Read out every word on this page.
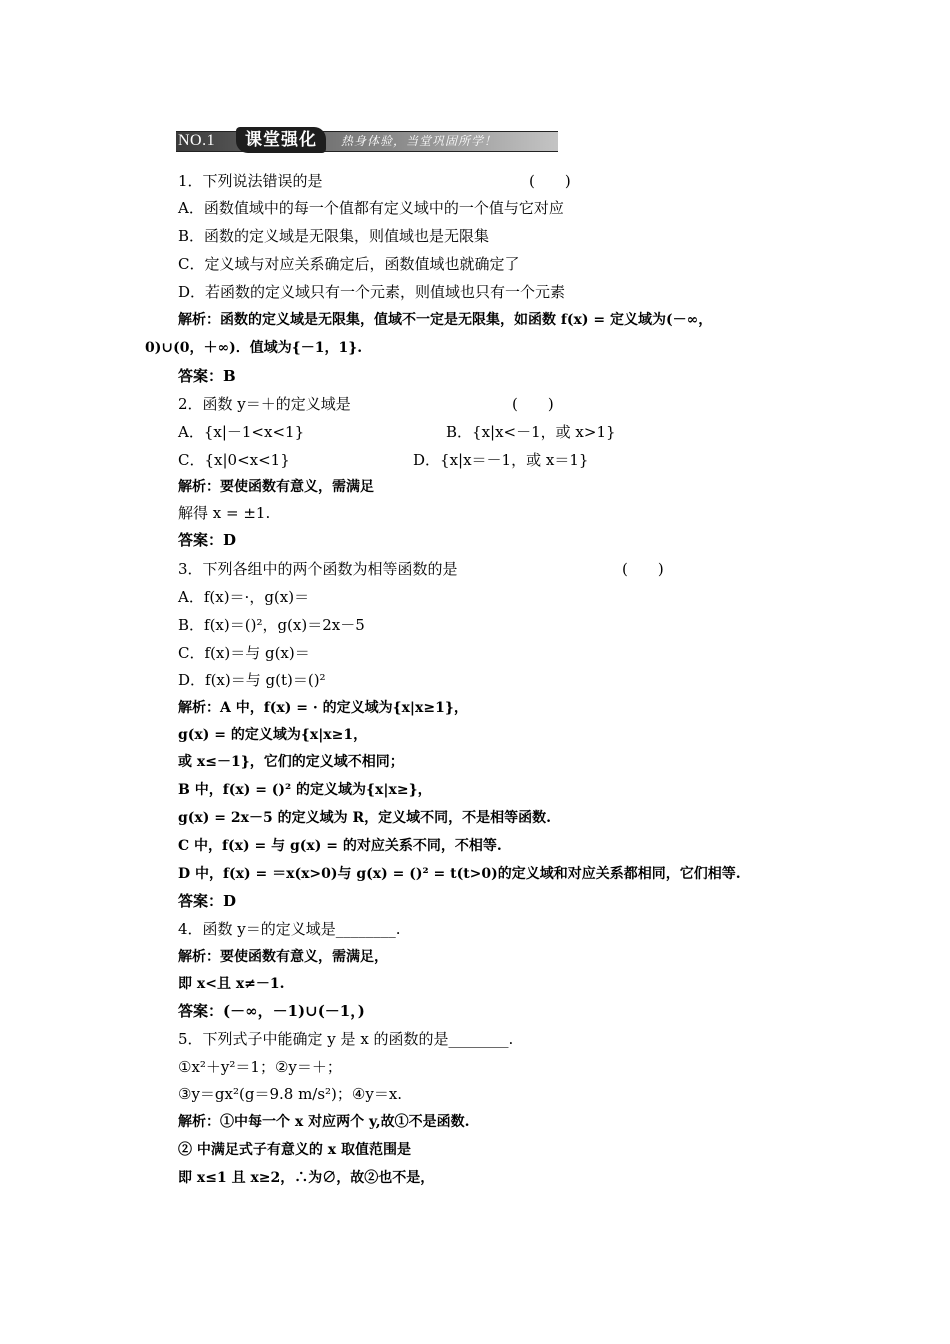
NO.1	课堂强化	热身体验，当堂巩固所学！
1．下列说法错误的是	(　　)
A．函数值域中的每一个值都有定义域中的一个值与它对应
B．函数的定义域是无限集，则值域也是无限集
C．定义域与对应关系确定后，函数值域也就确定了
D．若函数的定义域只有一个元素，则值域也只有一个元素
解析：函数的定义域是无限集，值域不一定是无限集，如函数 f(x) = 定义域为(－∞，
0)∪(0，＋∞)．值域为{－1，1}.
答案：B
2．函数 y＝＋的定义域是	(　　)
A．{x|－1<x<1}	B．{x|x<－1，或 x>1}
C．{x|0<x<1}	D．{x|x＝－1，或 x＝1}
解析：要使函数有意义，需满足
解得 x = ±1.
答案：D
3．下列各组中的两个函数为相等函数的是	(　　)
A．f(x)＝·，g(x)＝
B．f(x)＝()²，g(x)＝2x－5
C．f(x)＝与 g(x)＝
D．f(x)＝与 g(t)＝()²
解析：A 中，f(x) = · 的定义域为{x|x≥1}，
g(x) = 的定义域为{x|x≥1，
或 x≤－1}，它们的定义域不相同；
B 中，f(x) = ()² 的定义域为{x|x≥}，
g(x) = 2x－5 的定义域为 R，定义域不同，不是相等函数.
C 中，f(x) = 与 g(x) = 的对应关系不同，不相等.
D 中，f(x) = ＝x(x>0)与 g(x) = ()² = t(t>0)的定义域和对应关系都相同，它们相等.
答案：D
4．函数 y＝的定义域是________.
解析：要使函数有意义，需满足，
即 x<且 x≠－1.
答案：(－∞，－1)∪(－1，)
5．下列式子中能确定 y 是 x 的函数的是________.
①x²＋y²＝1；②y＝＋；
③y＝gx²(g＝9.8 m/s²)；④y＝x.
解析：①中每一个 x 对应两个 y,故①不是函数.
② 中满足式子有意义的 x 取值范围是
即 x≤1 且 x≥2，∴为∅，故②也不是，
